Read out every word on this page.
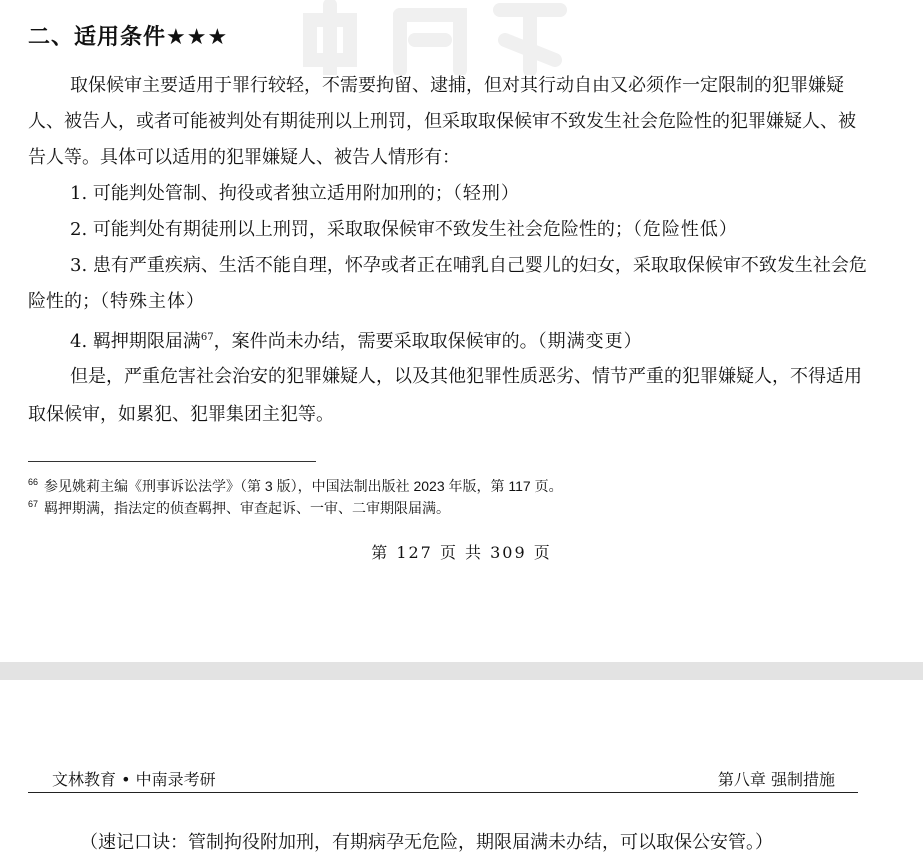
二、适用条件★★★

取保候审主要适用于罪行较轻，不需要拘留、逮捕，但对其行动自由又必须作一定限制的犯罪嫌疑人、被告人，或者可能被判处有期徒刑以上刑罚，但采取取保候审不致发生社会危险性的犯罪嫌疑人、被告人等。具体可以适用的犯罪嫌疑人、被告人情形有：

1. 可能判处管制、拘役或者独立适用附加刑的；（轻刑）
2. 可能判处有期徒刑以上刑罚，采取取保候审不致发生社会危险性的；（危险性低）

3. 患有严重疾病、生活不能自理，怀孕或者正在哺乳自己婴儿的妇女，采取取保候审不致发生社会危险性的；（特殊主体）

4. 羁押期限届满$^{67}$，案件尚未办结，需要采取取保候审的。（期满变更）

但是，严重危害社会治安的犯罪嫌疑人，以及其他犯罪性质恶劣、情节严重的犯罪嫌疑人，不得适用取保候审，如累犯、犯罪集团主犯等。

$^{66}$ 参见姚莉主编《刑事诉讼法学》（第 3 版），中国法制出版社 2023 年版，第 117 页。
$^{67}$ 羁押期满，指法定的侦查羁押、审查起诉、一审、二审期限届满。
第 127 页 共 309 页
文林教育 • 中南录考研	第八章 强制措施
（速记口诀：管制拘役附加刑，有期病孕无危险，期限届满未办结，可以取保公安管。）
